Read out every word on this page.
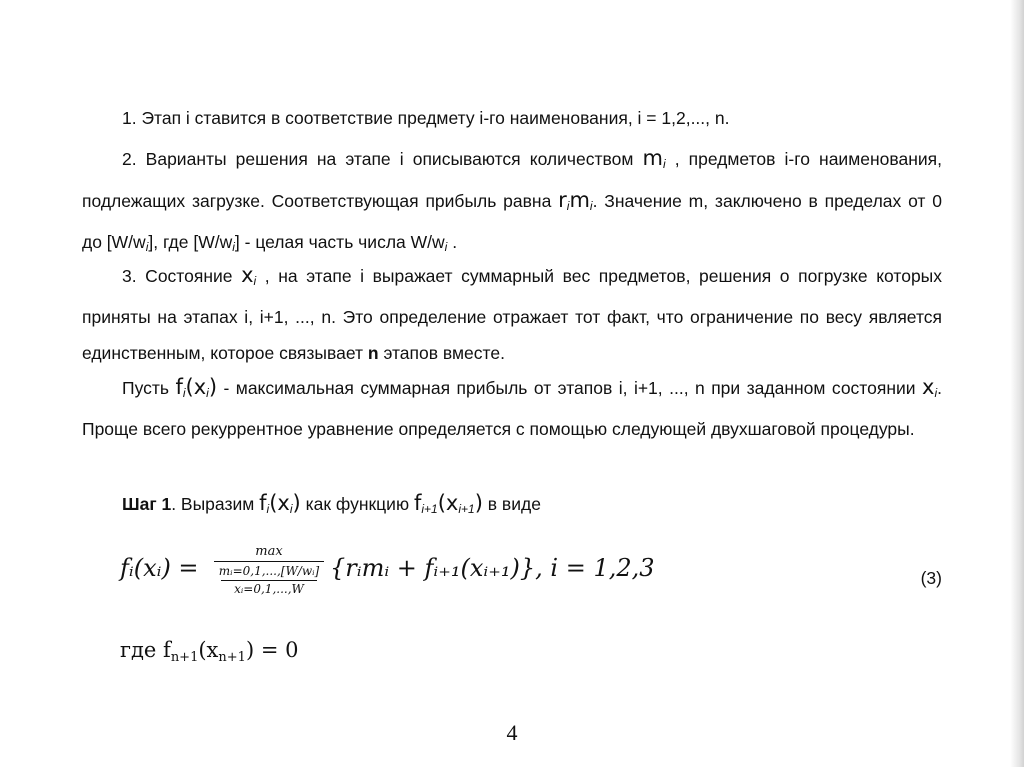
1. Этап i ставится в соответствие предмету i-го наименования, i = 1,2,..., n.
2. Варианты решения на этапе i описываются количеством $m_i$ , предметов i-го наименования, подлежащих загрузке. Соответствующая прибыль равна $r_im_i$. Значение m, заключено в пределах от 0 до $[W/w_i]$, где $[W/w_i]$ - целая часть числа $W/w_i$ .
3. Состояние $x_i$ , на этапе i выражает суммарный вес предметов, решения о погрузке которых приняты на этапах i, i+1, ..., n. Это определение отражает тот факт, что ограничение по весу является единственным, которое связывает n этапов вместе.
Пусть $f_i(x_i)$ - максимальная суммарная прибыль от этапов i, i+1, ..., n при заданном состоянии $x_i$. Проще всего рекуррентное уравнение определяется с помощью следующей двухшаговой процедуры.
Шаг 1. Выразим $f_i(x_i)$ как функцию $f_{i+1}(x_{i+1})$ в виде
fᵢ(xᵢ) =
max
mᵢ=0,1,...,[W/wᵢ]
xᵢ=0,1,...,W
{rᵢmᵢ + fᵢ₊₁(xᵢ₊₁)}, i = 1,2,3	(3)
где fn+1(xn+1) = 0
4
